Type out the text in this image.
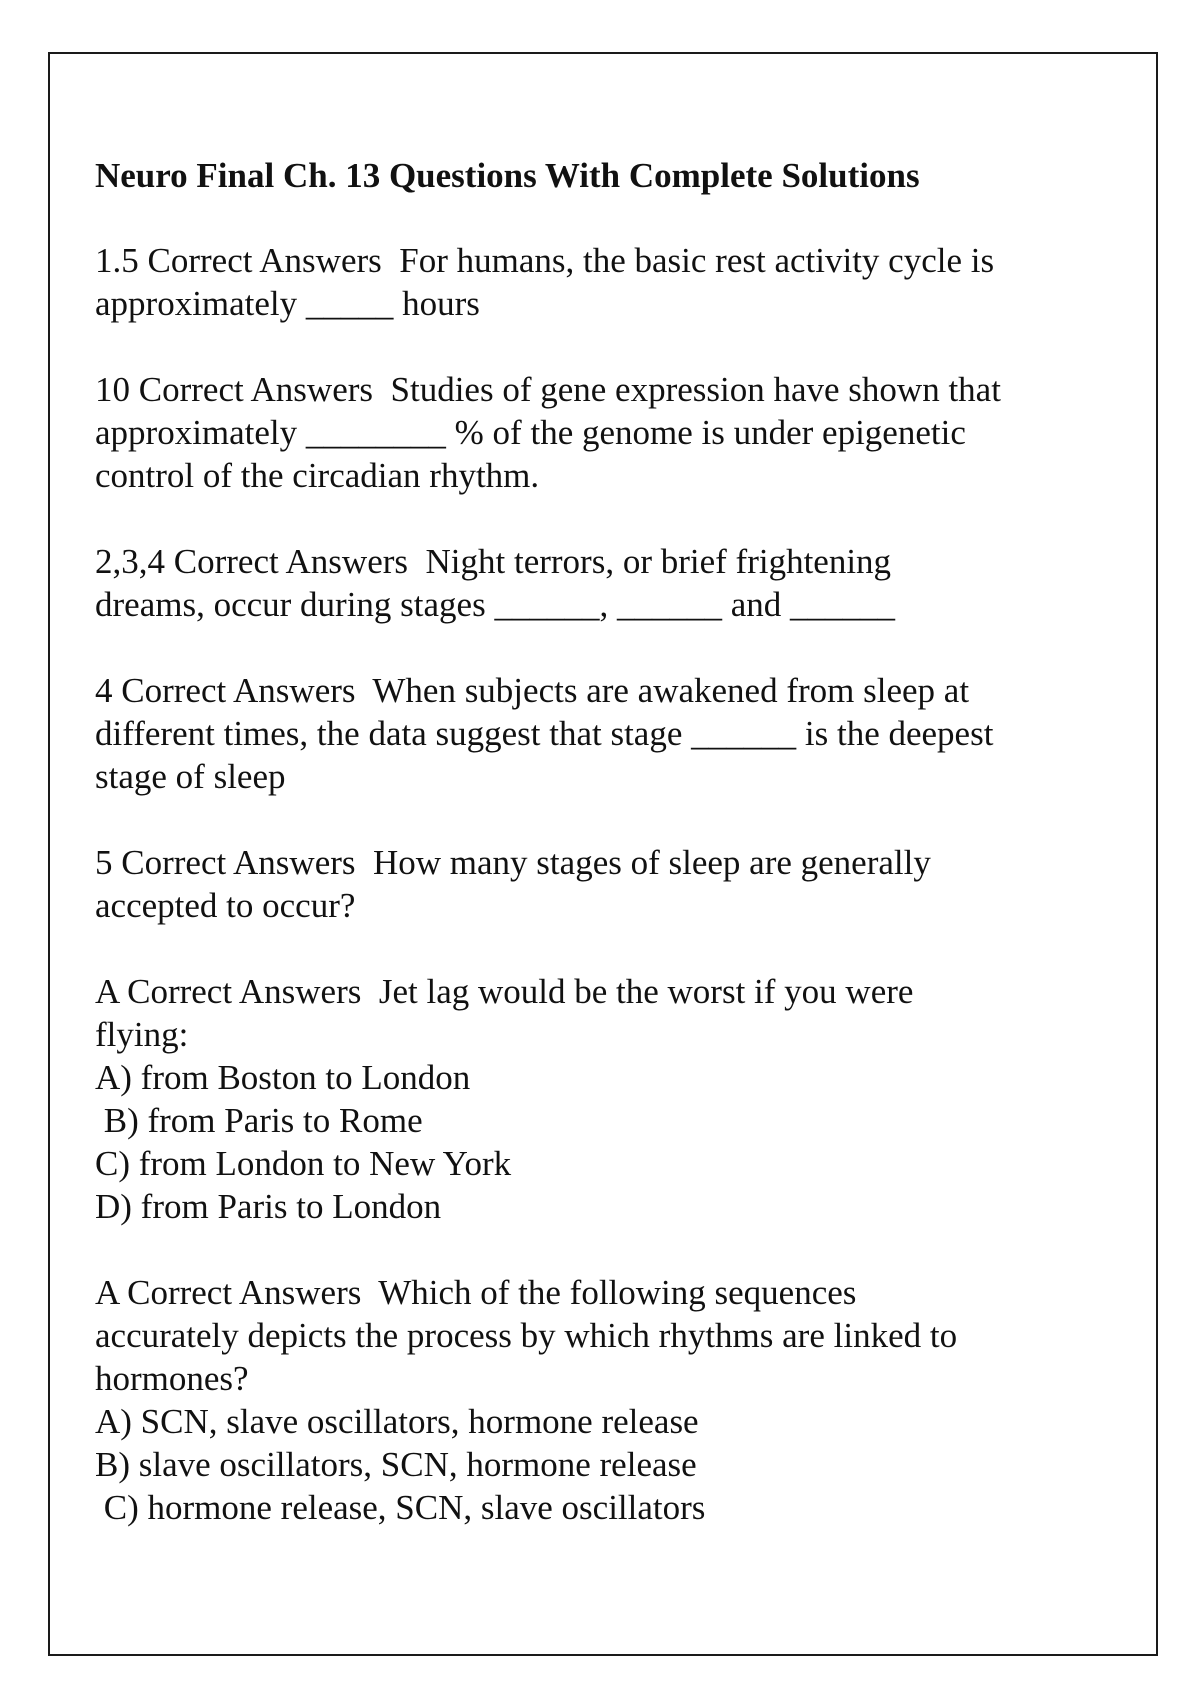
Neuro Final Ch. 13 Questions With Complete Solutions
1.5 Correct Answers  For humans, the basic rest activity cycle is
approximately _____ hours
10 Correct Answers  Studies of gene expression have shown that
approximately ________ % of the genome is under epigenetic
control of the circadian rhythm.
2,3,4 Correct Answers  Night terrors, or brief frightening
dreams, occur during stages ______, ______ and ______
4 Correct Answers  When subjects are awakened from sleep at
different times, the data suggest that stage ______ is the deepest
stage of sleep
5 Correct Answers  How many stages of sleep are generally
accepted to occur?
A Correct Answers  Jet lag would be the worst if you were
flying:
A) from Boston to London
B) from Paris to Rome
C) from London to New York
D) from Paris to London
A Correct Answers  Which of the following sequences
accurately depicts the process by which rhythms are linked to
hormones?
A) SCN, slave oscillators, hormone release
B) slave oscillators, SCN, hormone release
C) hormone release, SCN, slave oscillators
